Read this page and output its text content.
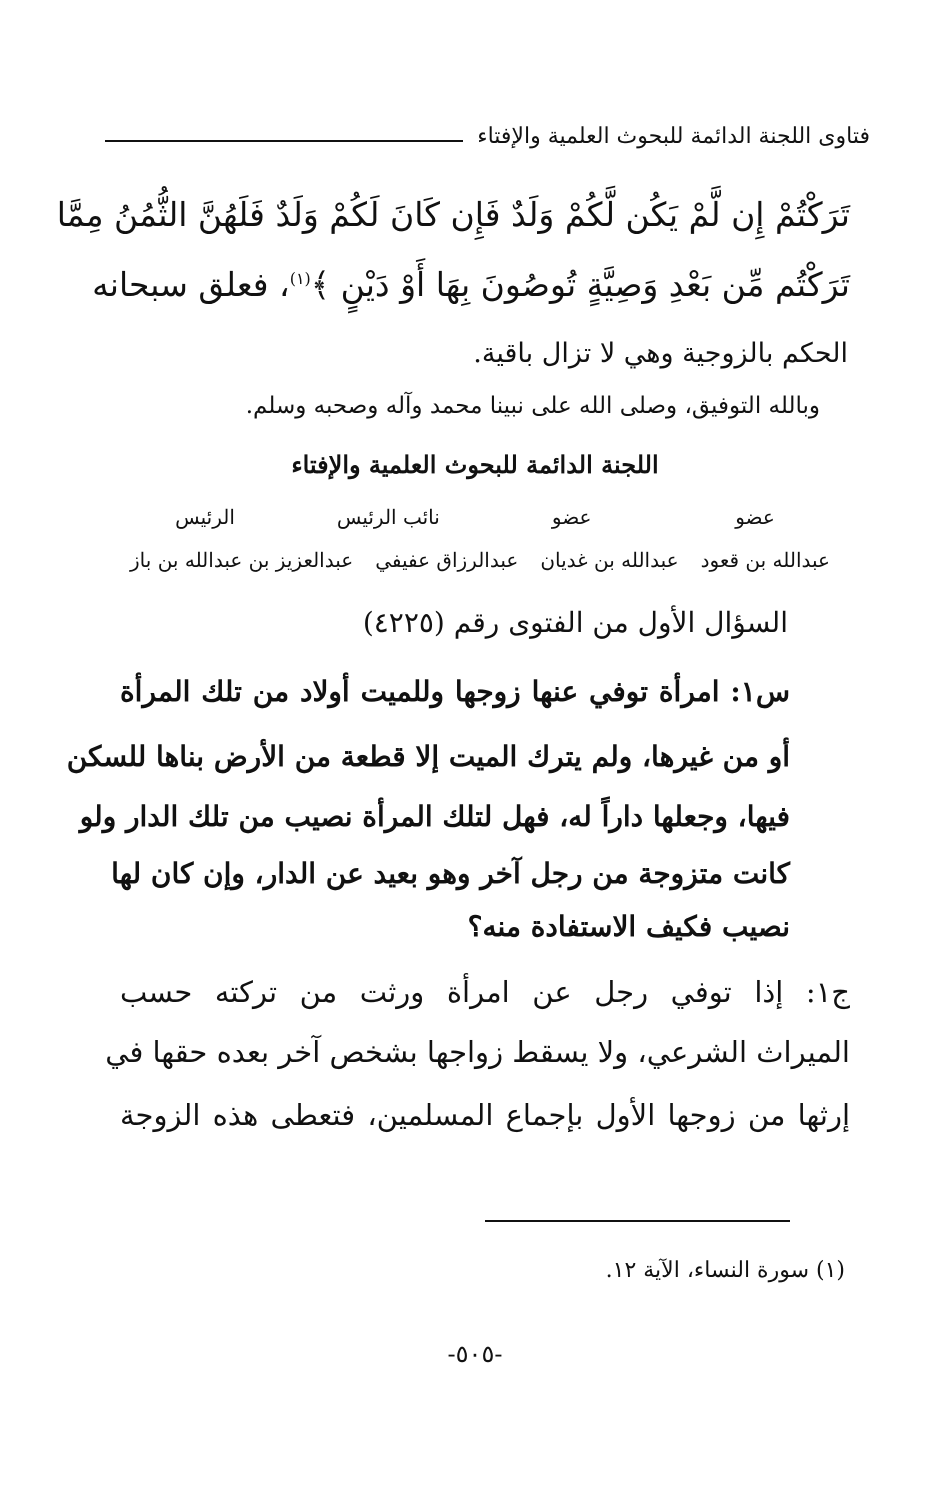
فتاوى اللجنة الدائمة للبحوث العلمية والإفتاء
تَرَكْتُمْ إِن لَّمْ يَكُن لَّكُمْ وَلَدٌ فَإِن كَانَ لَكُمْ وَلَدٌ فَلَهُنَّ الثُّمُنُ مِمَّا
تَرَكْتُم مِّن بَعْدِ وَصِيَّةٍ تُوصُونَ بِهَا أَوْ دَيْنٍ ﴾$^{(١)}$، فعلق سبحانه
الحكم بالزوجية وهي لا تزال باقية.
وبالله التوفيق، وصلى الله على نبينا محمد وآله وصحبه وسلم.
اللجنة الدائمة للبحوث العلمية والإفتاء
عضو
عضو
نائب الرئيس
الرئيس
عبدالله بن قعود
عبدالله بن غديان
عبدالرزاق عفيفي
عبدالعزيز بن عبدالله بن باز
السؤال الأول من الفتوى رقم (٤٢٢٥)
س١: امرأة توفي عنها زوجها وللميت أولاد من تلك المرأة
أو من غيرها، ولم يترك الميت إلا قطعة من الأرض بناها للسكن
فيها، وجعلها داراً له، فهل لتلك المرأة نصيب من تلك الدار ولو
كانت متزوجة من رجل آخر وهو بعيد عن الدار، وإن كان لها
نصيب فكيف الاستفادة منه؟
ج١: إذا توفي رجل عن امرأة ورثت من تركته حسب
الميراث الشرعي، ولا يسقط زواجها بشخص آخر بعده حقها في
إرثها من زوجها الأول بإجماع المسلمين، فتعطى هذه الزوجة
(١) سورة النساء، الآية ١٢.
-٥٠٥-
